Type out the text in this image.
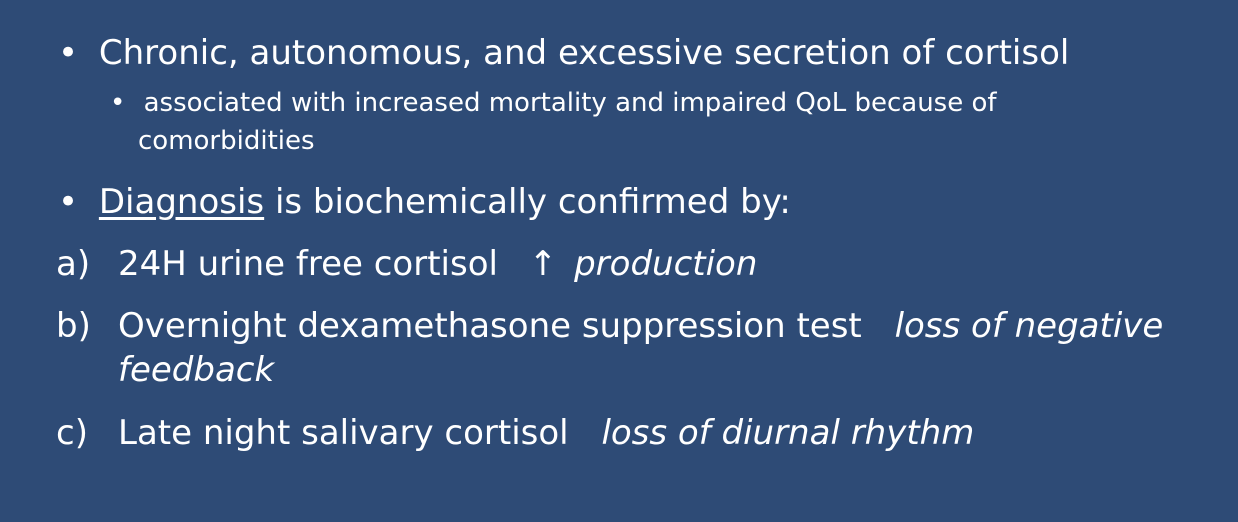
• Chronic, autonomous, and excessive secretion of cortisol
• associated with increased mortality and impaired QoL because of
comorbidities
• Diagnosis is biochemically confirmed by:
a) 24H urine free cortisol ↑ production
b) Overnight dexamethasone suppression test loss of negative
feedback
c) Late night salivary cortisol loss of diurnal rhythm
